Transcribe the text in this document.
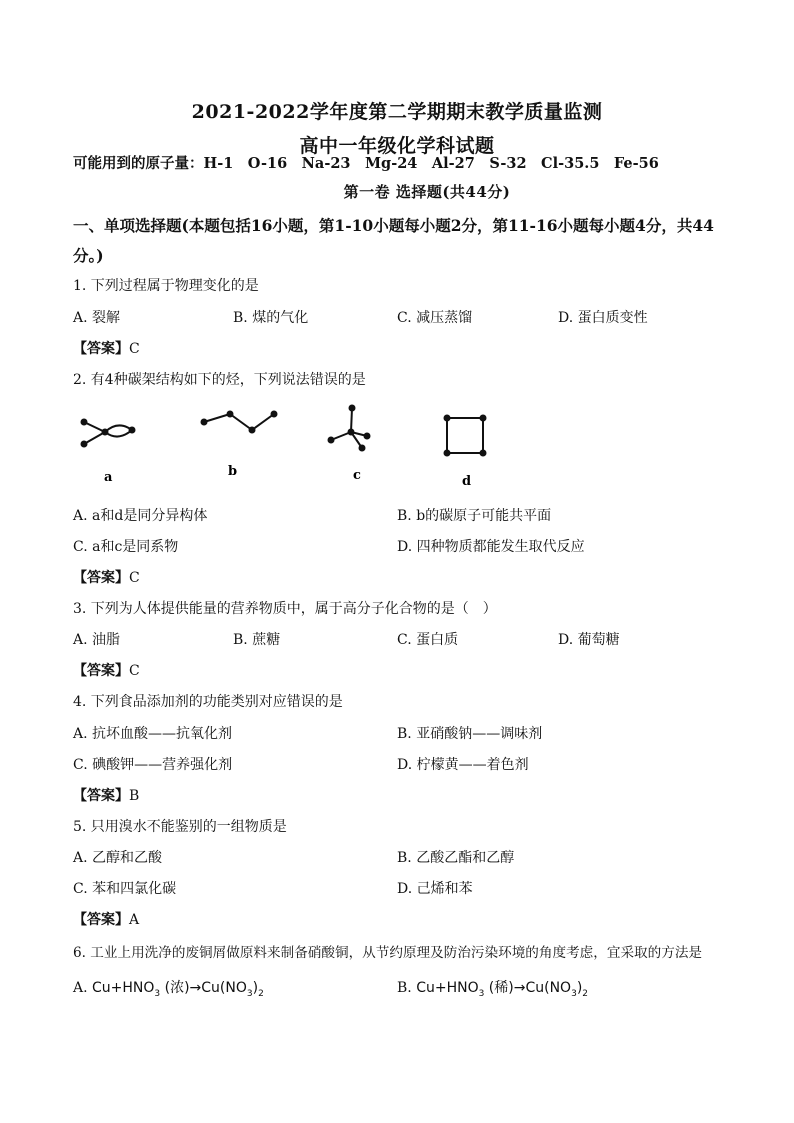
2021-2022学年度第二学期期末教学质量监测
高中一年级化学科试题
可能用到的原子量：H-1　O-16　Na-23　Mg-24　Al-27　S-32　Cl-35.5　Fe-56
第一卷 选择题(共44分)
一、单项选择题(本题包括16小题，第1-10小题每小题2分，第11-16小题每小题4分，共44
分。)
1. 下列过程属于物理变化的是
A. 裂解	B. 煤的气化	C. 减压蒸馏	D. 蛋白质变性
【答案】C
2. 有4种碳架结构如下的烃，下列说法错误的是
a	b	c	d
A. a和d是同分异构体	B. b的碳原子可能共平面
C. a和c是同系物	D. 四种物质都能发生取代反应
【答案】C
3. 下列为人体提供能量的营养物质中，属于高分子化合物的是（　）
A. 油脂	B. 蔗糖	C. 蛋白质	D. 葡萄糖
【答案】C
4. 下列食品添加剂的功能类别对应错误的是
A. 抗坏血酸——抗氧化剂	B. 亚硝酸钠——调味剂
C. 碘酸钾——营养强化剂	D. 柠檬黄——着色剂
【答案】B
5. 只用溴水不能鉴别的一组物质是
A. 乙醇和乙酸	B. 乙酸乙酯和乙醇
C. 苯和四氯化碳	D. 己烯和苯
【答案】A
6. 工业上用洗净的废铜屑做原料来制备硝酸铜，从节约原理及防治污染环境的角度考虑，宜采取的方法是
A. $Cu+HNO_3$ (浓)$\to Cu(NO_3)_2$	B. $Cu+HNO_3$ (稀)$\to Cu(NO_3)_2$
